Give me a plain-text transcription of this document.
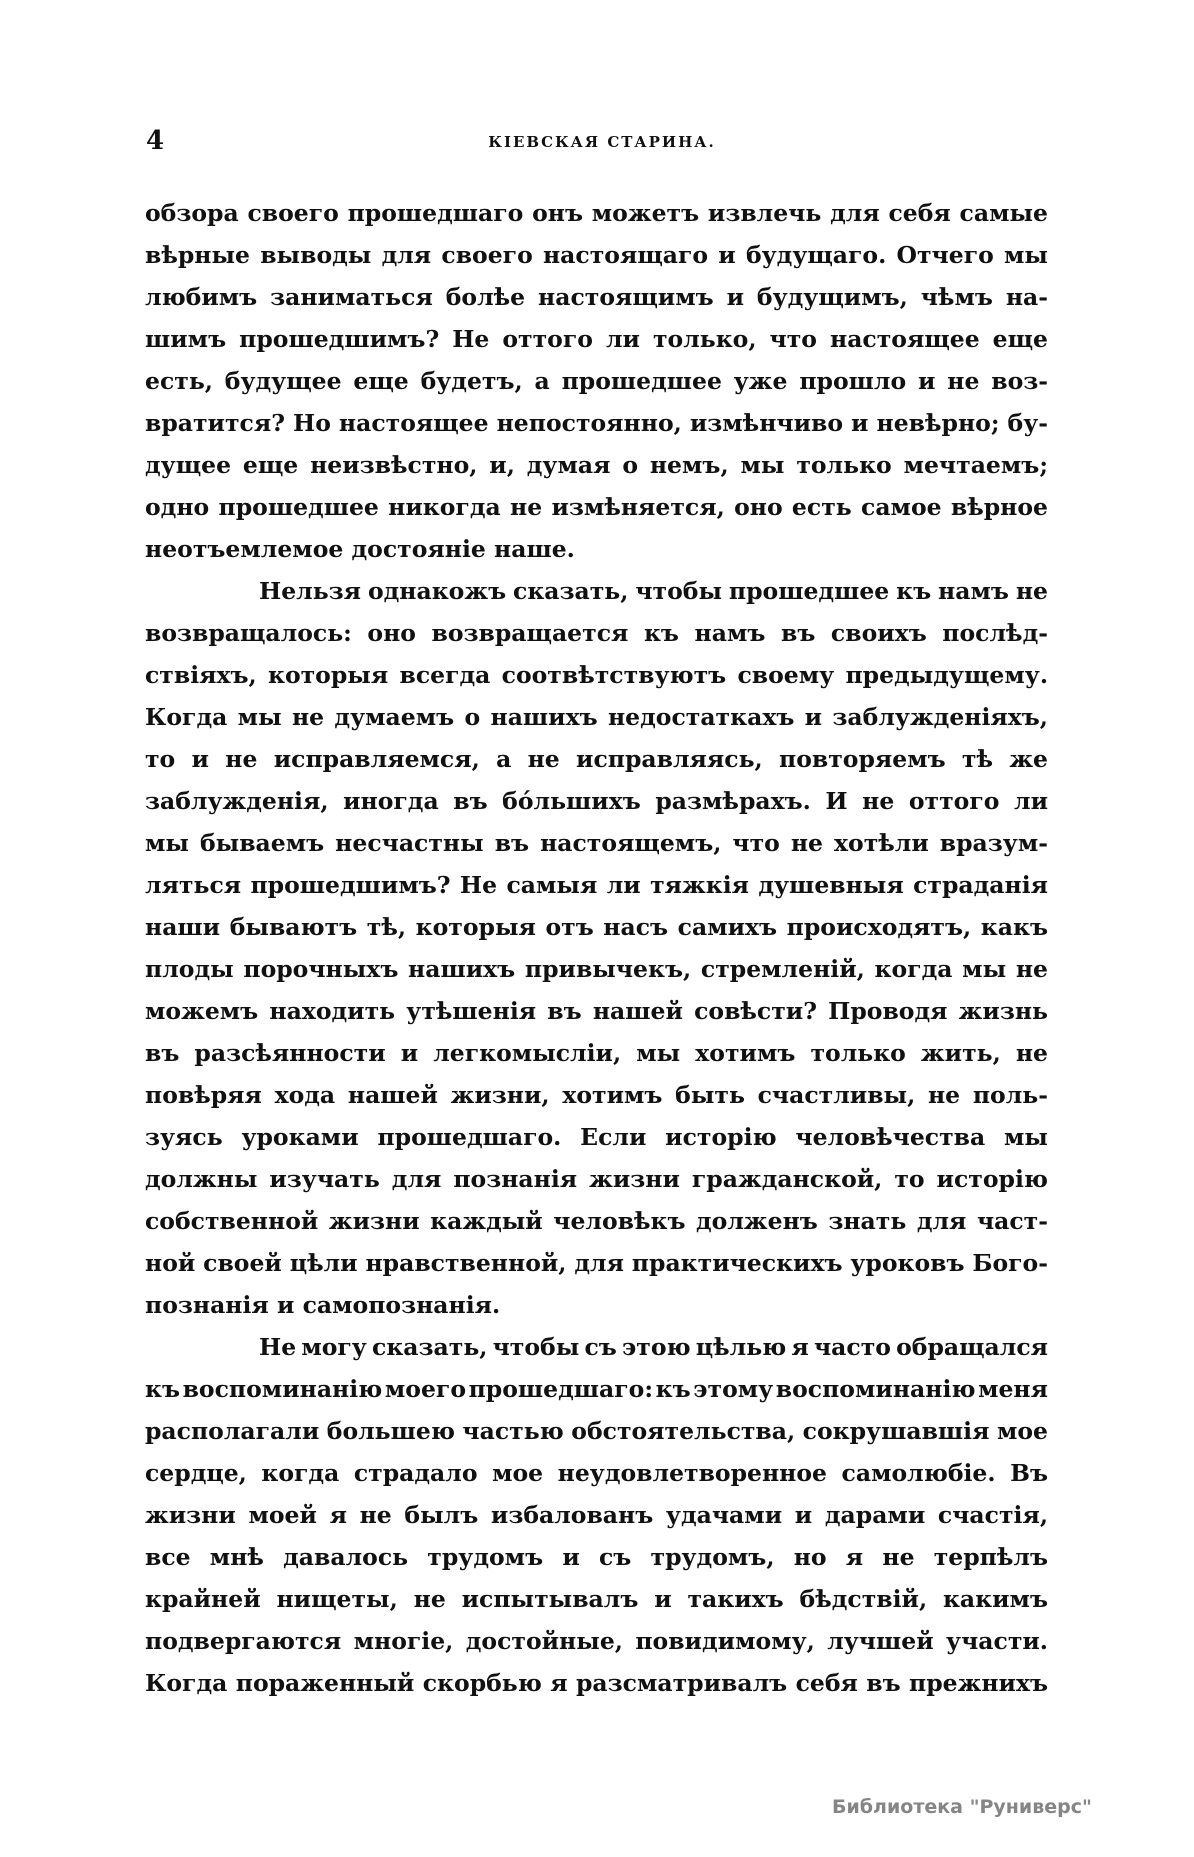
4	КІЕВСКАЯ СТАРИНА.

обзора своего прошедшаго онъ можетъ извлечь для себя самые
вѣрные выводы для своего настоящаго и будущаго. Отчего мы
любимъ заниматься болѣе настоящимъ и будущимъ, чѣмъ на-
шимъ прошедшимъ? Не оттого ли только, что настоящее еще
есть, будущее еще будетъ, а прошедшее уже прошло и не воз-
вратится? Но настоящее непостоянно, измѣнчиво и невѣрно; бу-
дущее еще неизвѣстно, и, думая о немъ, мы только мечтаемъ;
одно прошедшее никогда не измѣняется, оно есть самое вѣрное
неотъемлемое достояніе наше.

Нельзя однакожъ сказать, чтобы прошедшее къ намъ не
возвращалось: оно возвращается къ намъ въ своихъ послѣд-
ствіяхъ, которыя всегда соотвѣтствуютъ своему предыдущему.
Когда мы не думаемъ о нашихъ недостаткахъ и заблужденіяхъ,
то и не исправляемся, а не исправляясь, повторяемъ тѣ же
заблужденія, иногда въ бо́льшихъ размѣрахъ. И не оттого ли
мы бываемъ несчастны въ настоящемъ, что не хотѣли вразум-
ляться прошедшимъ? Не самыя ли тяжкія душевныя страданія
наши бываютъ тѣ, которыя отъ насъ самихъ происходятъ, какъ
плоды порочныхъ нашихъ привычекъ, стремленій, когда мы не
можемъ находить утѣшенія въ нашей совѣсти? Проводя жизнь
въ разсѣянности и легкомысліи, мы хотимъ только жить, не
повѣряя хода нашей жизни, хотимъ быть счастливы, не поль-
зуясь уроками прошедшаго. Если исторію человѣчества мы
должны изучать для познанія жизни гражданской, то исторію
собственной жизни каждый человѣкъ долженъ знать для част-
ной своей цѣли нравственной, для практическихъ уроковъ Бого-
познанія и самопознанія.

Не могу сказать, чтобы съ этою цѣлью я часто обращался
къ воспоминанію моего прошедшаго: къ этому воспоминанію меня
располагали большею частью обстоятельства, сокрушавшія мое
сердце, когда страдало мое неудовлетворенное самолюбіе. Въ
жизни моей я не былъ избалованъ удачами и дарами счастія,
все мнѣ давалось трудомъ и съ трудомъ, но я не терпѣлъ
крайней нищеты, не испытывалъ и такихъ бѣдствій, какимъ
подвергаются многіе, достойные, повидимому, лучшей участи.
Когда пораженный скорбью я разсматривалъ себя въ прежнихъ

Библиотека "Руниверс"
